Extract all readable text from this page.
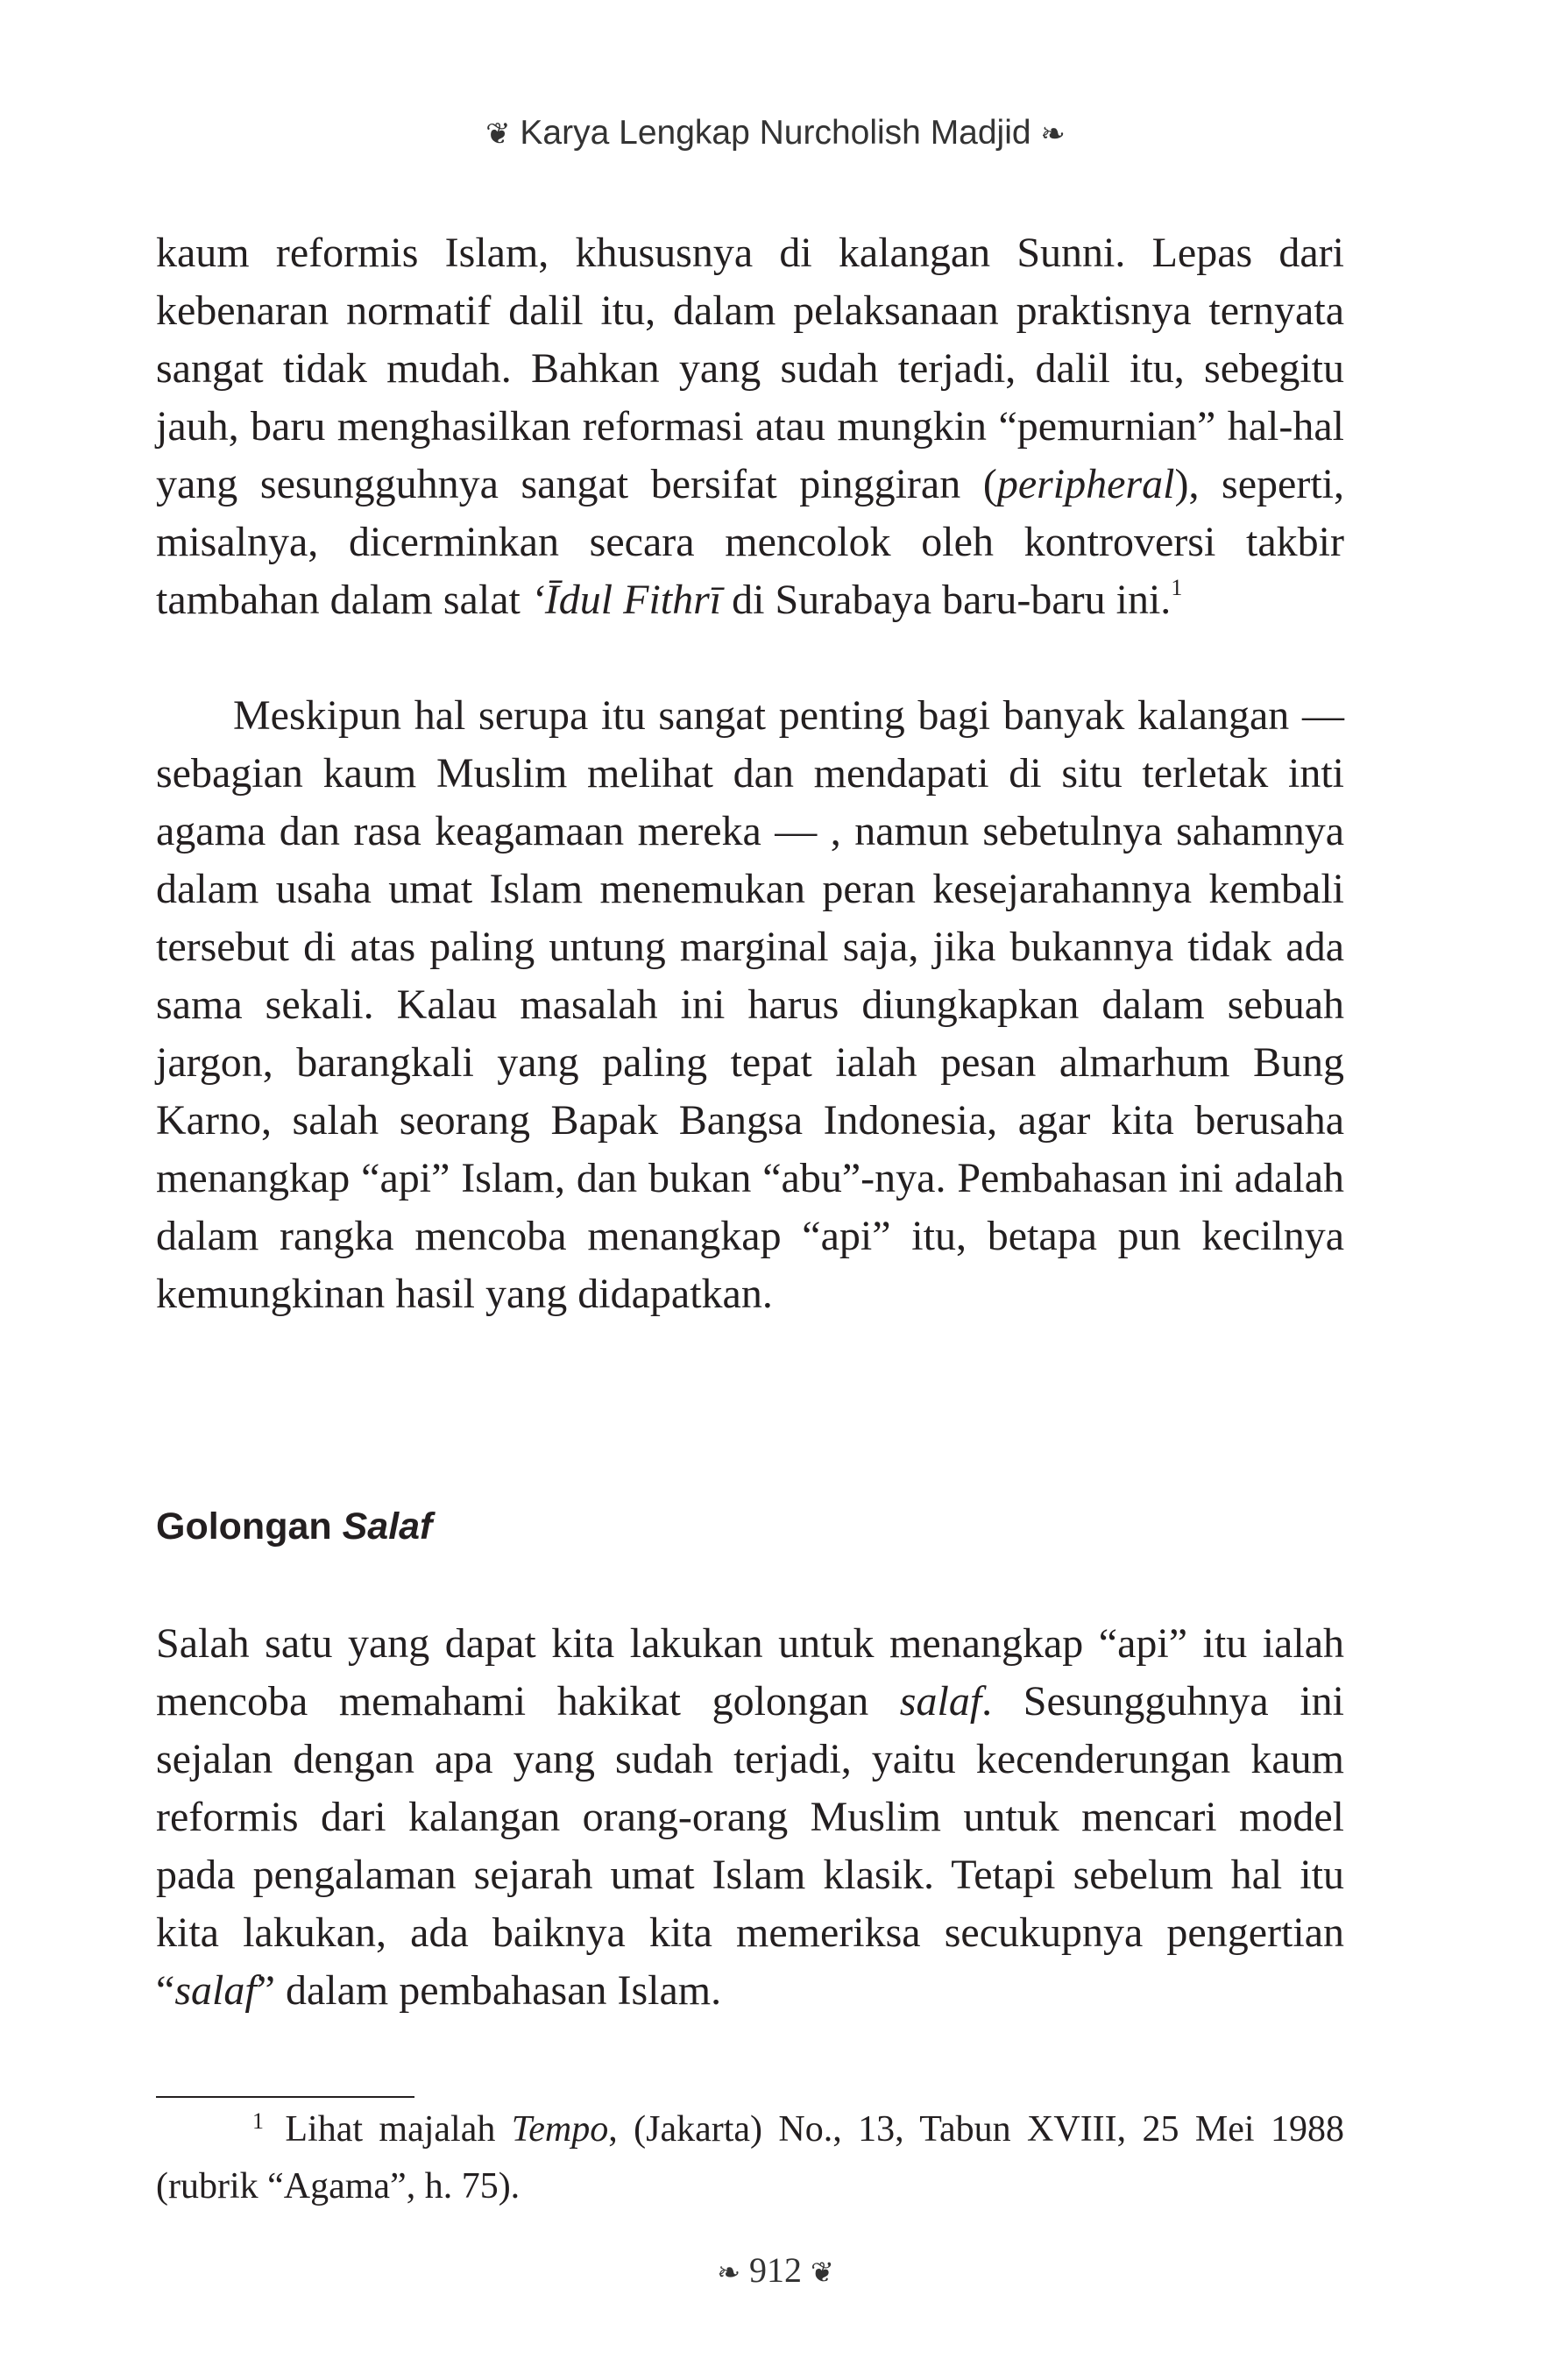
❦ Karya Lengkap Nurcholish Madjid ❧

kaum reformis Islam, khususnya di kalangan Sunni. Lepas dari kebenaran normatif dalil itu, dalam pelaksanaan praktisnya ternyata sangat tidak mudah. Bahkan yang sudah terjadi, dalil itu, sebegitu jauh, baru menghasilkan reformasi atau mungkin “pemurnian” hal-hal yang sesungguhnya sangat bersifat pinggiran (peripheral), seperti, misalnya, dicerminkan secara mencolok oleh kontroversi takbir tambahan dalam salat ‘Īdul Fithrī di Surabaya baru-baru ini.$^1$

Meskipun hal serupa itu sangat penting bagi banyak kalangan — sebagian kaum Muslim melihat dan mendapati di situ terletak inti agama dan rasa keagamaan mereka — , namun sebetulnya sahamnya dalam usaha umat Islam menemukan peran kesejarahannya kembali tersebut di atas paling untung marginal saja, jika bukannya tidak ada sama sekali. Kalau masalah ini harus diungkapkan dalam sebuah jargon, barangkali yang paling tepat ialah pesan almarhum Bung Karno, salah seorang Bapak Bangsa Indonesia, agar kita berusaha menangkap “api” Islam, dan bukan “abu”-nya. Pembahasan ini adalah dalam rangka mencoba menangkap “api” itu, betapa pun kecilnya kemungkinan hasil yang didapatkan.

Golongan Salaf

Salah satu yang dapat kita lakukan untuk menangkap “api” itu ialah mencoba memahami hakikat golongan salaf. Sesungguhnya ini sejalan dengan apa yang sudah terjadi, yaitu kecenderungan kaum reformis dari kalangan orang-orang Muslim untuk mencari model pada pengalaman sejarah umat Islam klasik. Tetapi sebelum hal itu kita lakukan, ada baiknya kita memeriksa secukupnya pengertian “salaf” dalam pembahasan Islam.

$^1$ Lihat majalah Tempo, (Jakarta) No., 13, Tabun XVIII, 25 Mei 1988 (rubrik “Agama”, h. 75).
❧ 912 ❦
